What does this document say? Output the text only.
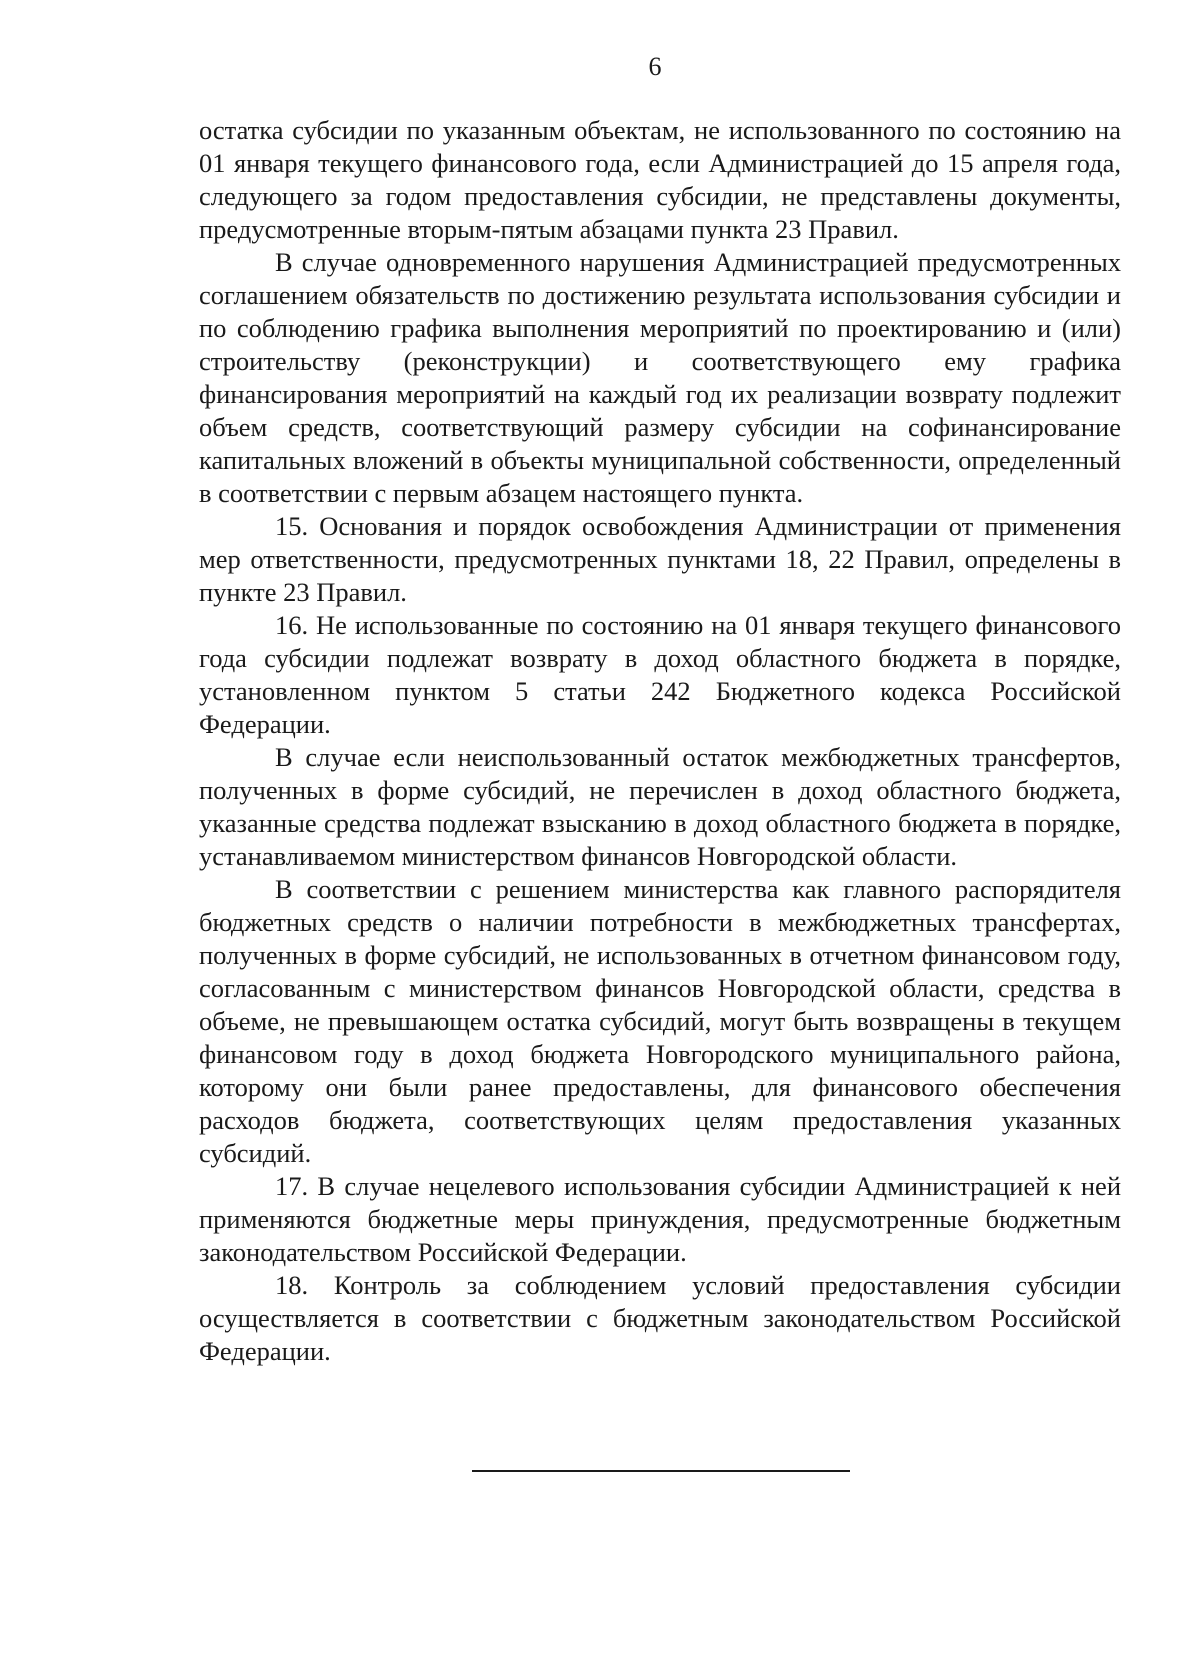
6

остатка субсидии по указанным объектам, не использованного по состоянию на 01 января текущего финансового года, если Администрацией до 15 апреля года, следующего за годом предоставления субсидии, не представлены документы, предусмотренные вторым-пятым абзацами пункта 23 Правил.

В случае одновременного нарушения Администрацией предусмотренных соглашением обязательств по достижению результата использования субсидии и по соблюдению графика выполнения мероприятий по проектированию и (или) строительству (реконструкции) и соответствующего ему графика финансирования мероприятий на каждый год их реализации возврату подлежит объем средств, соответствующий размеру субсидии на софинансирование капитальных вложений в объекты муниципальной собственности, определенный в соответствии с первым абзацем настоящего пункта.

15. Основания и порядок освобождения Администрации от применения мер ответственности, предусмотренных пунктами 18, 22 Правил, определены в пункте 23 Правил.

16. Не использованные по состоянию на 01 января текущего финансового года субсидии подлежат возврату в доход областного бюджета в порядке, установленном пунктом 5 статьи 242 Бюджетного кодекса Российской Федерации.

В случае если неиспользованный остаток межбюджетных трансфертов, полученных в форме субсидий, не перечислен в доход областного бюджета, указанные средства подлежат взысканию в доход областного бюджета в порядке, устанавливаемом министерством финансов Новгородской области.

В соответствии с решением министерства как главного распорядителя бюджетных средств о наличии потребности в межбюджетных трансфертах, полученных в форме субсидий, не использованных в отчетном финансовом году, согласованным с министерством финансов Новгородской области, средства в объеме, не превышающем остатка субсидий, могут быть возвращены в текущем финансовом году в доход бюджета Новгородского муниципального района, которому они были ранее предоставлены, для финансового обеспечения расходов бюджета, соответствующих целям предоставления указанных субсидий.

17. В случае нецелевого использования субсидии Администрацией к ней применяются бюджетные меры принуждения, предусмотренные бюджетным законодательством Российской Федерации.

18. Контроль за соблюдением условий предоставления субсидии осуществляется в соответствии с бюджетным законодательством Российской Федерации.
